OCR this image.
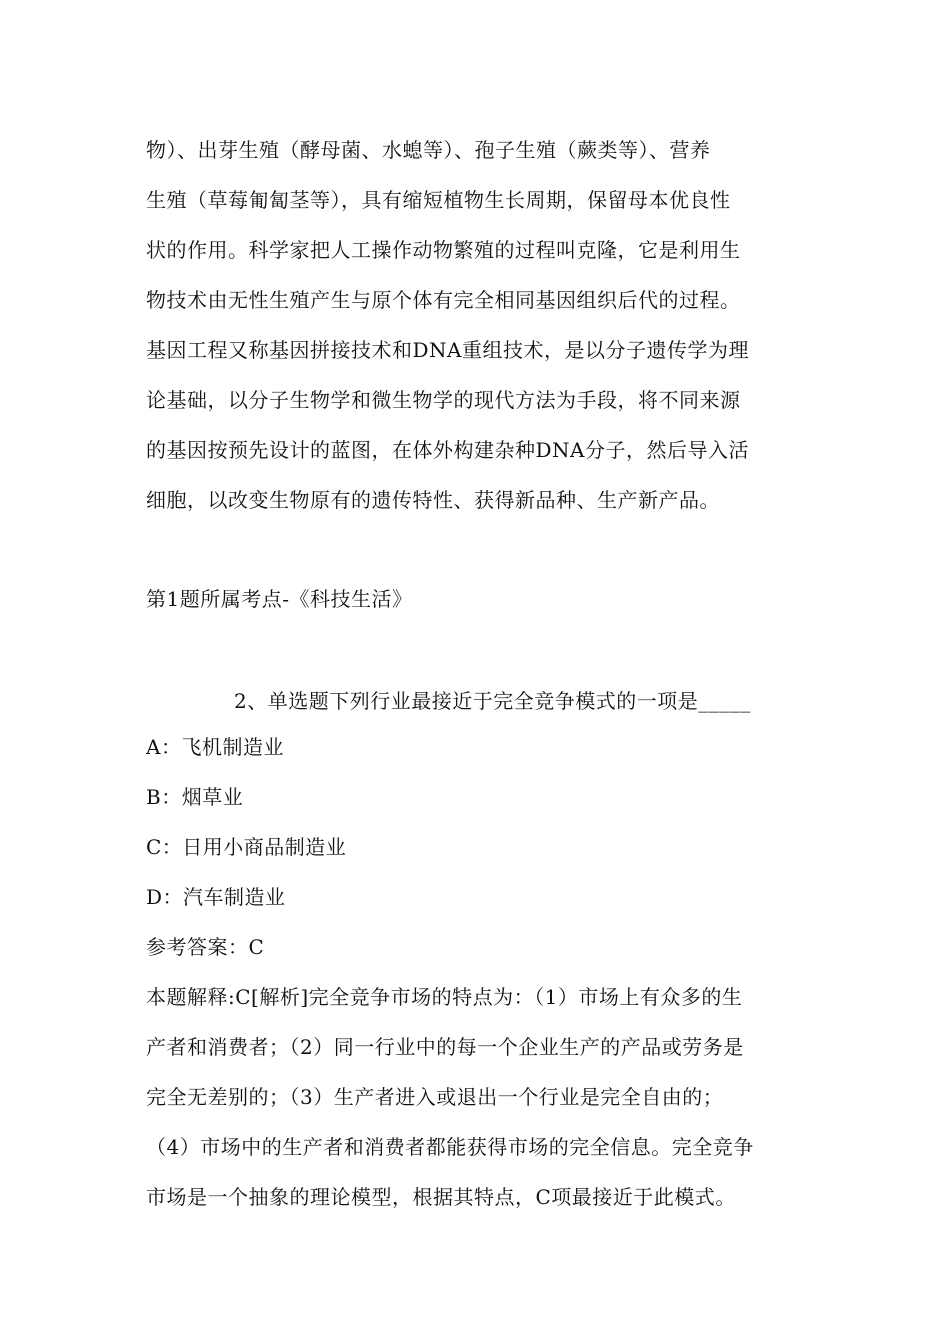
物）、出芽生殖（酵母菌、水螅等）、孢子生殖（蕨类等）、营养
生殖（草莓匍匐茎等），具有缩短植物生长周期，保留母本优良性
状的作用。科学家把人工操作动物繁殖的过程叫克隆，它是利用生
物技术由无性生殖产生与原个体有完全相同基因组织后代的过程。
基因工程又称基因拼接技术和DNA重组技术，是以分子遗传学为理
论基础，以分子生物学和微生物学的现代方法为手段，将不同来源
的基因按预先设计的蓝图，在体外构建杂种DNA分子，然后导入活
细胞，以改变生物原有的遗传特性、获得新品种、生产新产品。
第1题所属考点-《科技生活》
2、单选题下列行业最接近于完全竞争模式的一项是_____
A：飞机制造业
B：烟草业
C：日用小商品制造业
D：汽车制造业
参考答案：C
本题解释:C[解析]完全竞争市场的特点为：（1）市场上有众多的生
产者和消费者；（2）同一行业中的每一个企业生产的产品或劳务是
完全无差别的；（3）生产者进入或退出一个行业是完全自由的；
（4）市场中的生产者和消费者都能获得市场的完全信息。完全竞争
市场是一个抽象的理论模型，根据其特点，C项最接近于此模式。
